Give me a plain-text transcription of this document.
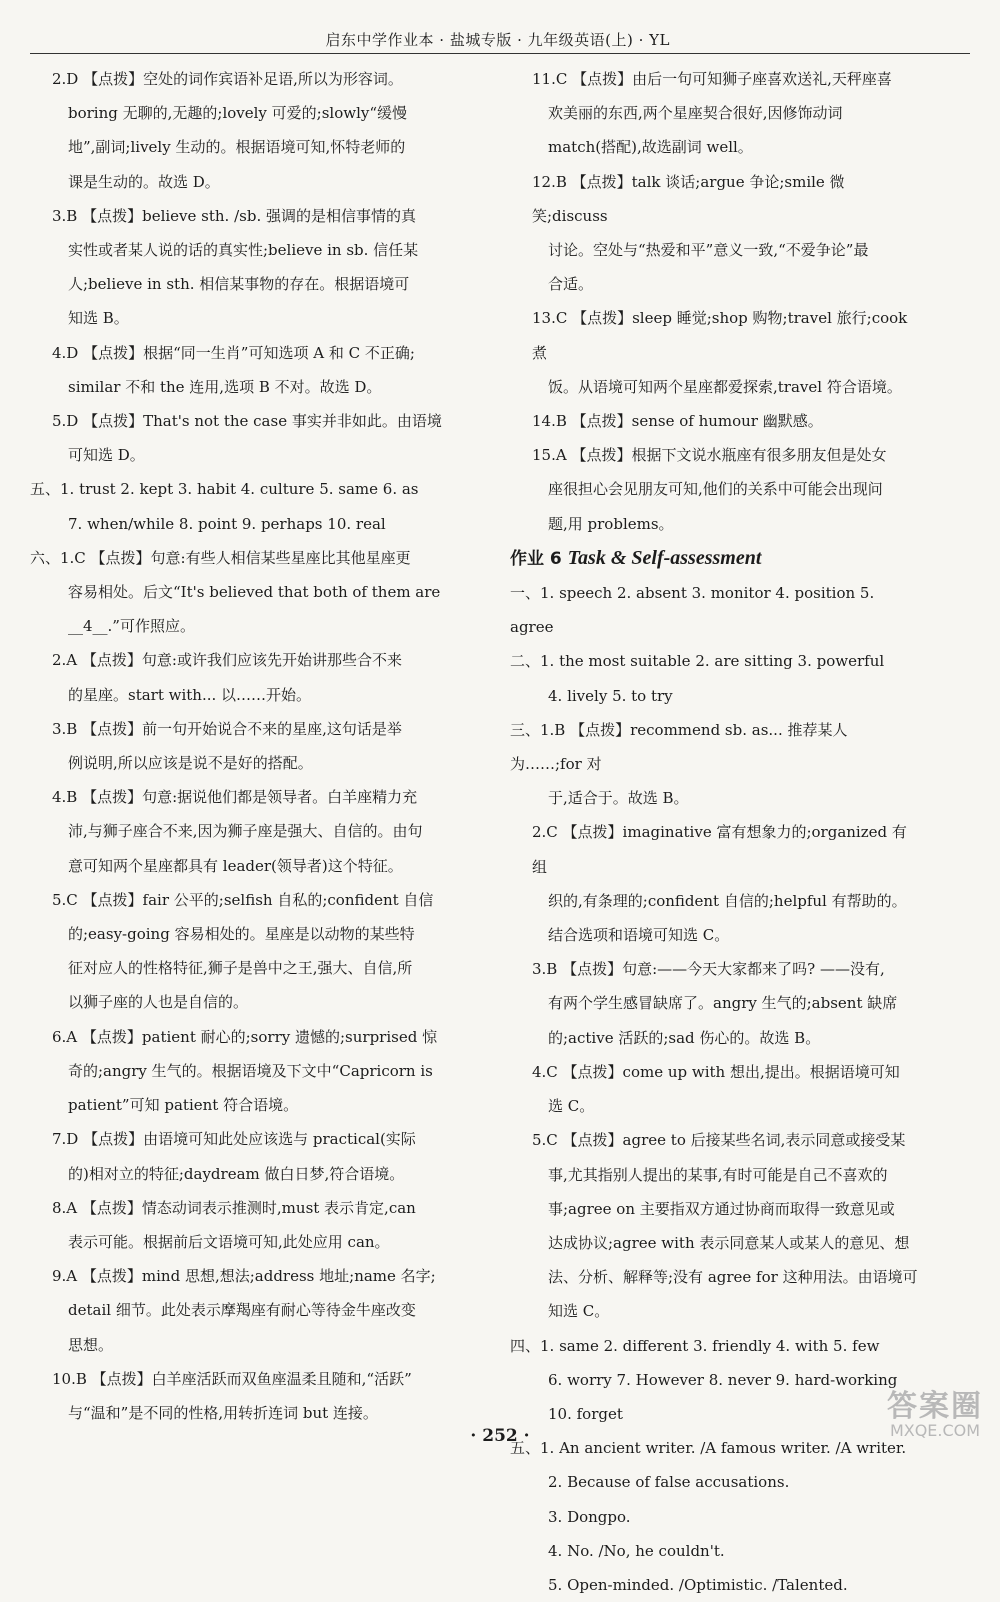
启东中学作业本 · 盐城专版 · 九年级英语(上) · YL
2.D 【点拨】空处的词作宾语补足语,所以为形容词。
boring 无聊的,无趣的;lovely 可爱的;slowly“缓慢
地”,副词;lively 生动的。根据语境可知,怀特老师的
课是生动的。故选 D。
3.B 【点拨】believe sth. /sb. 强调的是相信事情的真
实性或者某人说的话的真实性;believe in sb. 信任某
人;believe in sth. 相信某事物的存在。根据语境可
知选 B。
4.D 【点拨】根据“同一生肖”可知选项 A 和 C 不正确;
similar 不和 the 连用,选项 B 不对。故选 D。
5.D 【点拨】That's not the case 事实并非如此。由语境
可知选 D。
五、1. trust 2. kept 3. habit 4. culture 5. same 6. as
7. when/while 8. point 9. perhaps 10. real
六、1.C 【点拨】句意:有些人相信某些星座比其他星座更
容易相处。后文“It's believed that both of them are
__4__.”可作照应。
2.A 【点拨】句意:或许我们应该先开始讲那些合不来
的星座。start with... 以……开始。
3.B 【点拨】前一句开始说合不来的星座,这句话是举
例说明,所以应该是说不是好的搭配。
4.B 【点拨】句意:据说他们都是领导者。白羊座精力充
沛,与狮子座合不来,因为狮子座是强大、自信的。由句
意可知两个星座都具有 leader(领导者)这个特征。
5.C 【点拨】fair 公平的;selfish 自私的;confident 自信
的;easy-going 容易相处的。星座是以动物的某些特
征对应人的性格特征,狮子是兽中之王,强大、自信,所
以狮子座的人也是自信的。
6.A 【点拨】patient 耐心的;sorry 遗憾的;surprised 惊
奇的;angry 生气的。根据语境及下文中“Capricorn is
patient”可知 patient 符合语境。
7.D 【点拨】由语境可知此处应该选与 practical(实际
的)相对立的特征;daydream 做白日梦,符合语境。
8.A 【点拨】情态动词表示推测时,must 表示肯定,can
表示可能。根据前后文语境可知,此处应用 can。
9.A 【点拨】mind 思想,想法;address 地址;name 名字;
detail 细节。此处表示摩羯座有耐心等待金牛座改变
思想。
10.B 【点拨】白羊座活跃而双鱼座温柔且随和,“活跃”
与“温和”是不同的性格,用转折连词 but 连接。
11.C 【点拨】由后一句可知狮子座喜欢送礼,天秤座喜
欢美丽的东西,两个星座契合很好,因修饰动词
match(搭配),故选副词 well。
12.B 【点拨】talk 谈话;argue 争论;smile 微笑;discuss
讨论。空处与“热爱和平”意义一致,“不爱争论”最
合适。
13.C 【点拨】sleep 睡觉;shop 购物;travel 旅行;cook 煮
饭。从语境可知两个星座都爱探索,travel 符合语境。
14.B 【点拨】sense of humour 幽默感。
15.A 【点拨】根据下文说水瓶座有很多朋友但是处女
座很担心会见朋友可知,他们的关系中可能会出现问
题,用 problems。
作业 6 Task & Self-assessment
一、1. speech 2. absent 3. monitor 4. position 5. agree
二、1. the most suitable 2. are sitting 3. powerful
4. lively 5. to try
三、1.B 【点拨】recommend sb. as... 推荐某人为……;for 对
于,适合于。故选 B。
2.C 【点拨】imaginative 富有想象力的;organized 有组
织的,有条理的;confident 自信的;helpful 有帮助的。
结合选项和语境可知选 C。
3.B 【点拨】句意:——今天大家都来了吗? ——没有,
有两个学生感冒缺席了。angry 生气的;absent 缺席
的;active 活跃的;sad 伤心的。故选 B。
4.C 【点拨】come up with 想出,提出。根据语境可知
选 C。
5.C 【点拨】agree to 后接某些名词,表示同意或接受某
事,尤其指别人提出的某事,有时可能是自己不喜欢的
事;agree on 主要指双方通过协商而取得一致意见或
达成协议;agree with 表示同意某人或某人的意见、想
法、分析、解释等;没有 agree for 这种用法。由语境可
知选 C。
四、1. same 2. different 3. friendly 4. with 5. few
6. worry 7. However 8. never 9. hard-working
10. forget
五、1. An ancient writer. /A famous writer. /A writer.
2. Because of false accusations.
3. Dongpo.
4. No. /No, he couldn't.
5. Open-minded. /Optimistic. /Talented.
· 252 ·
答案圈
MXQE.COM
